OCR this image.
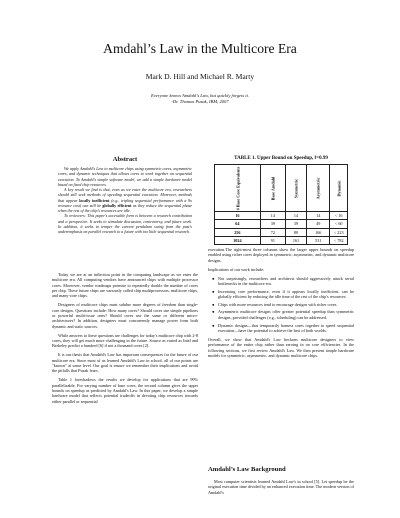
Amdahl’s Law in the Multicore Era
Mark D. Hill and Michael R. Marty
Everyone knows Amdahl's Law, but quickly forgets it.
-Dr. Thomas Puzak, IBM, 2007
Abstract

We apply Amdahl's Law to multicore chips using symmetric cores, asymmetric cores, and dynamic techniques that allows cores to work together on sequential execution. To Amdahl's simple software model, we add a simple hardware model based on fixed chip resources.

A key result we find is that, even as we enter the multicore era, researchers should still seek methods of speeding sequential execution. Moreover, methods that appear locally inefficient (e.g., tripling sequential performance with a 9x resource cost) can still be globally efficient as they reduce the sequential phase when the rest of the chip's resources are idle.

To reviewers: This paper's accessible form is between a research contribution and a perspective. It seeks to stimulate discussion, controversy, and future work. In addition, it seeks to temper the current pendulum swing from the past's underemphasis on parallel research to a future with too little sequential research.

Today we are at an inflection point in the computing landscape as we enter the multicore era. All computing vendors have announced chips with multiple processor cores. Moreover, vendor roadmaps promise to repeatedly double the number of cores per chip. These future chips are variously called chip multiprocessors, multicore chips, and many-core chips.

Designers of multicore chips must subdue more degrees of freedom than single-core designs. Questions include: How many cores? Should cores use simple pipelines or powerful multi-issue ones? Should cores use the same or different micro-architectures? In addition, designers must concurrently manage power from both dynamic and static sources.

While answers to these questions are challenges for today's multicore chip with 2-8 cores, they will get much more challenging in the future. Source as varied as Intel and Berkeley predict a hundred [6] if not a thousand cores [2].

It is our thesis that Amdahl's Law has important consequences for the future of our multicore era. Since most of us learned Amdahl's Law in school, all of our points are "known" at some level. Our goal is ensure we remember their implications and avoid the pitfalls that Puzak fears.

Table 1 foreshadows the results we develop for applications that are 99% parallelizable. For varying number of base cores, the second column gives the upper bounds on speedup as predicted by Amdahl's Law. In this paper, we develop a simple hardware model that reflects potential tradeoffs in devoting chip resources towards either parallel or sequential

TABLE 1. Upper Bound on Speedup, f=0.99
# Base Core Equivalents	Base Amdahl	Symmetric	Asymmetric	Dynamic
16	14	14	14	< 16
64	39	39	49	< 60
256	72	80	166	< 223
1024	91	161	531	< 782

execution.The right-most three columns show the larger upper bounds on speedup enabled using richer cores deployed in symmetric, asymmetric, and dynamic multicore designs.

Implications of our work include:

● Not surprisingly, researchers and architects should aggressively attack serial bottlenecks in the multicore era.
● Increasing core performance, even if it appears locally inefficient, can be globally efficient by reducing the idle time of the rest of the chip's resources.
● Chips with more resources tend to encourage designs with richer cores.
● Asymmetric multicore designs offer greater potential speedup than symmetric designs, provided challenges (e.g., scheduling) can be addressed.
● Dynamic designs—that temporarily harness cores together to speed sequential execution—have the potential to achieve the best of both worlds.

Overall, we show that Amdahl's Law beckons multicore designers to view performance of the entire chip rather than zeroing in on core efficiencies. In the following sections, we first review Amdahl's Law. We then present simple hardware models for symmetric, asymmetric, and dynamic multicore chips.

Amdahl’s Law Background

Most computer scientists learned Amdahl Law's in school [5]. Let speedup be the original execution time divided by an enhanced execution time. The modern version of Amdahl's
